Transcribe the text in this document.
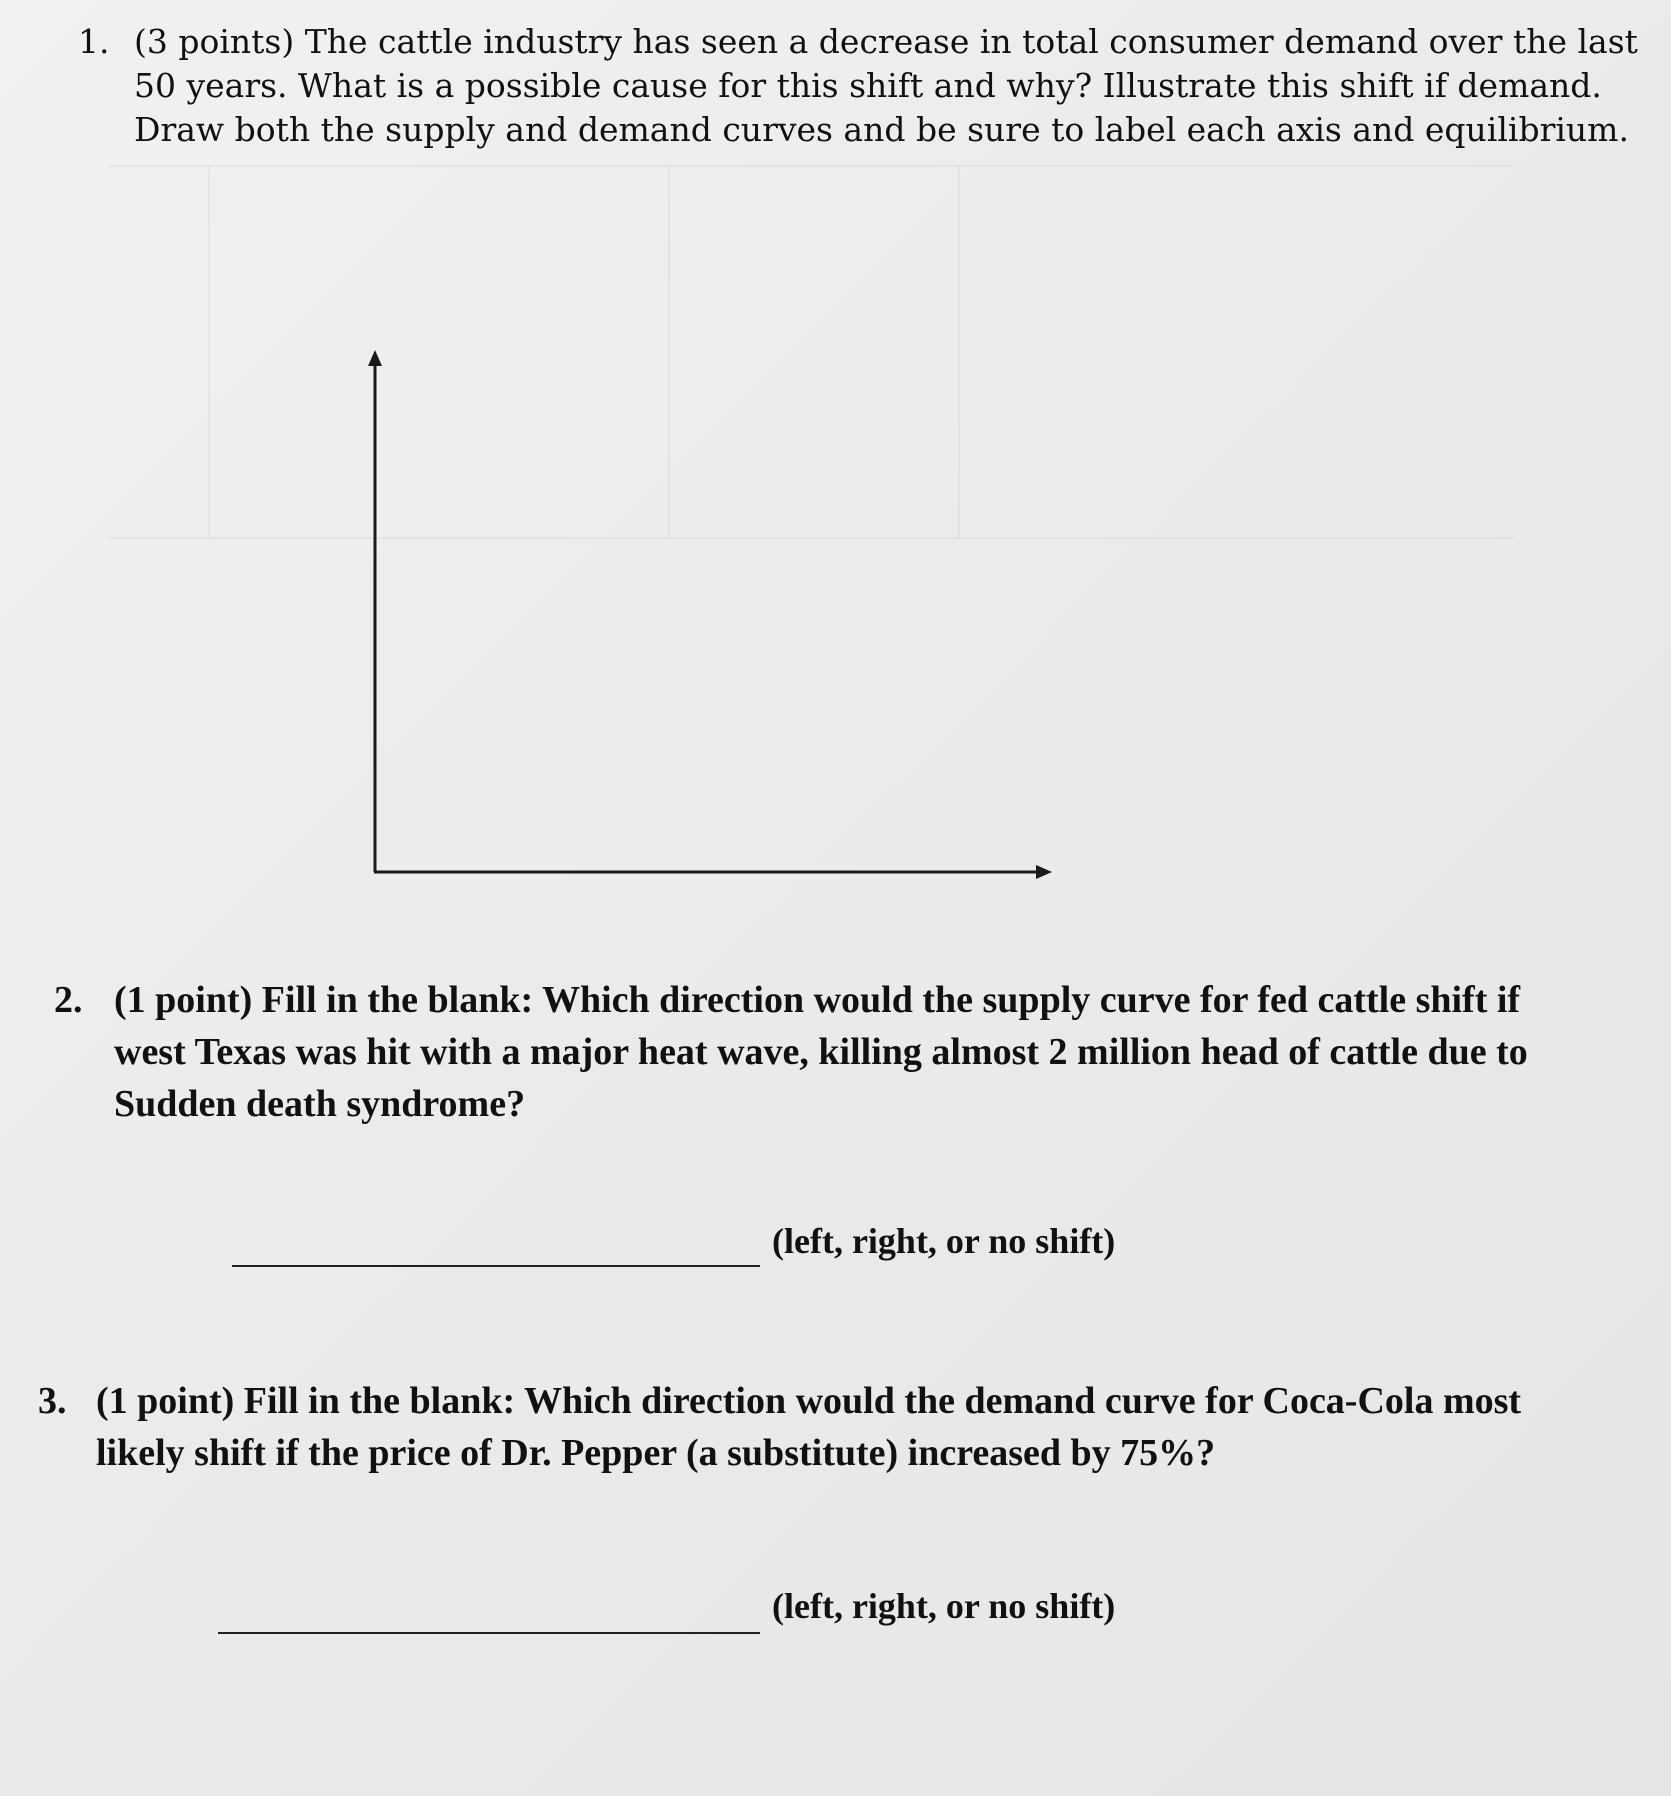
1. (3 points) The cattle industry has seen a decrease in total consumer demand over the last
50 years. What is a possible cause for this shift and why? Illustrate this shift if demand.
Draw both the supply and demand curves and be sure to label each axis and equilibrium.
2. (1 point) Fill in the blank: Which direction would the supply curve for fed cattle shift if
west Texas was hit with a major heat wave, killing almost 2 million head of cattle due to
Sudden death syndrome?
(left, right, or no shift)
3. (1 point) Fill in the blank: Which direction would the demand curve for Coca-Cola most
likely shift if the price of Dr. Pepper (a substitute) increased by 75%?
(left, right, or no shift)
